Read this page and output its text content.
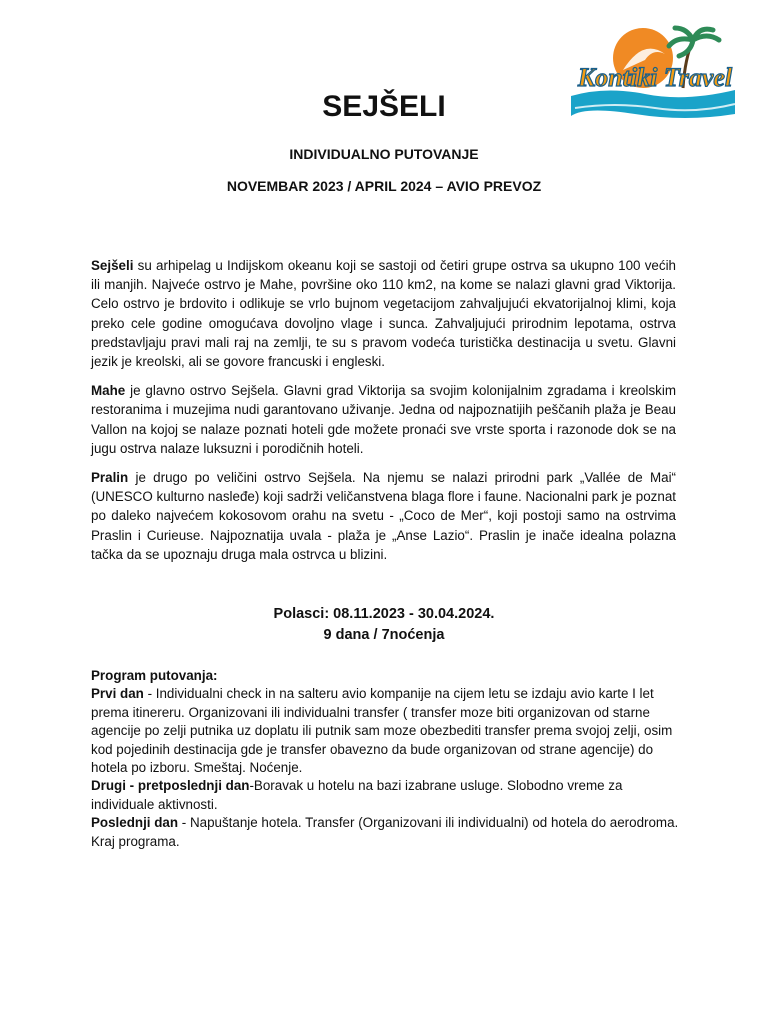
Kontiki Travel
SEJŠELI
INDIVIDUALNO PUTOVANJE
NOVEMBAR 2023 / APRIL 2024 – AVIO PREVOZ

Sejšeli su arhipelag u Indijskom okeanu koji se sastoji od četiri grupe ostrva sa ukupno 100 većih ili manjih. Najveće ostrvo je Mahe, površine oko 110 km2, na kome se nalazi glavni grad Viktorija. Celo ostrvo je brdovito i odlikuje se vrlo bujnom vegetacijom zahvaljujući ekvatorijalnoj klimi, koja preko cele godine omogućava dovoljno vlage i sunca. Zahvaljujući prirodnim lepotama, ostrva predstavljaju pravi mali raj na zemlji, te su s pravom vodeća turistička destinacija u svetu. Glavni jezik je kreolski, ali se govore francuski i engleski.

Mahe je glavno ostrvo Sejšela. Glavni grad Viktorija sa svojim kolonijalnim zgradama i kreolskim restoranima i muzejima nudi garantovano uživanje. Jedna od najpoznatijih peščanih plaža je Beau Vallon na kojoj se nalaze poznati hoteli gde možete pronaći sve vrste sporta i razonode dok se na jugu ostrva nalaze luksuzni i porodičnih hoteli.

Pralin je drugo po veličini ostrvo Sejšela. Na njemu se nalazi prirodni park „Vallée de Mai“ (UNESCO kulturno nasleđe) koji sadrži veličanstvena blaga flore i faune. Nacionalni park je poznat po daleko najvećem kokosovom orahu na svetu - „Coco de Mer“, koji postoji samo na ostrvima Praslin i Curieuse. Najpoznatija uvala - plaža je „Anse Lazio“. Praslin je inače idealna polazna tačka da se upoznaju druga mala ostrvca u blizini.

Polasci: 08.11.2023 - 30.04.2024.
9 dana / 7noćenja
Program putovanja:

Prvi dan - Individualni check in na salteru avio kompanije na cijem letu se izdaju avio karte I let prema itinereru. Organizovani ili individualni transfer ( transfer moze biti organizovan od starne agencije po zelji putnika uz doplatu ili putnik sam moze obezbediti transfer prema svojoj zelji, osim kod pojedinih destinacija gde je transfer obavezno da bude organizovan od strane agencije) do hotela po izboru. Smeštaj. Noćenje.

Drugi - pretposlednji dan-Boravak u hotelu na bazi izabrane usluge. Slobodno vreme za individuale aktivnosti.

Poslednji dan - Napuštanje hotela. Transfer (Organizovani ili individualni) od hotela do aerodroma. Kraj programa.
